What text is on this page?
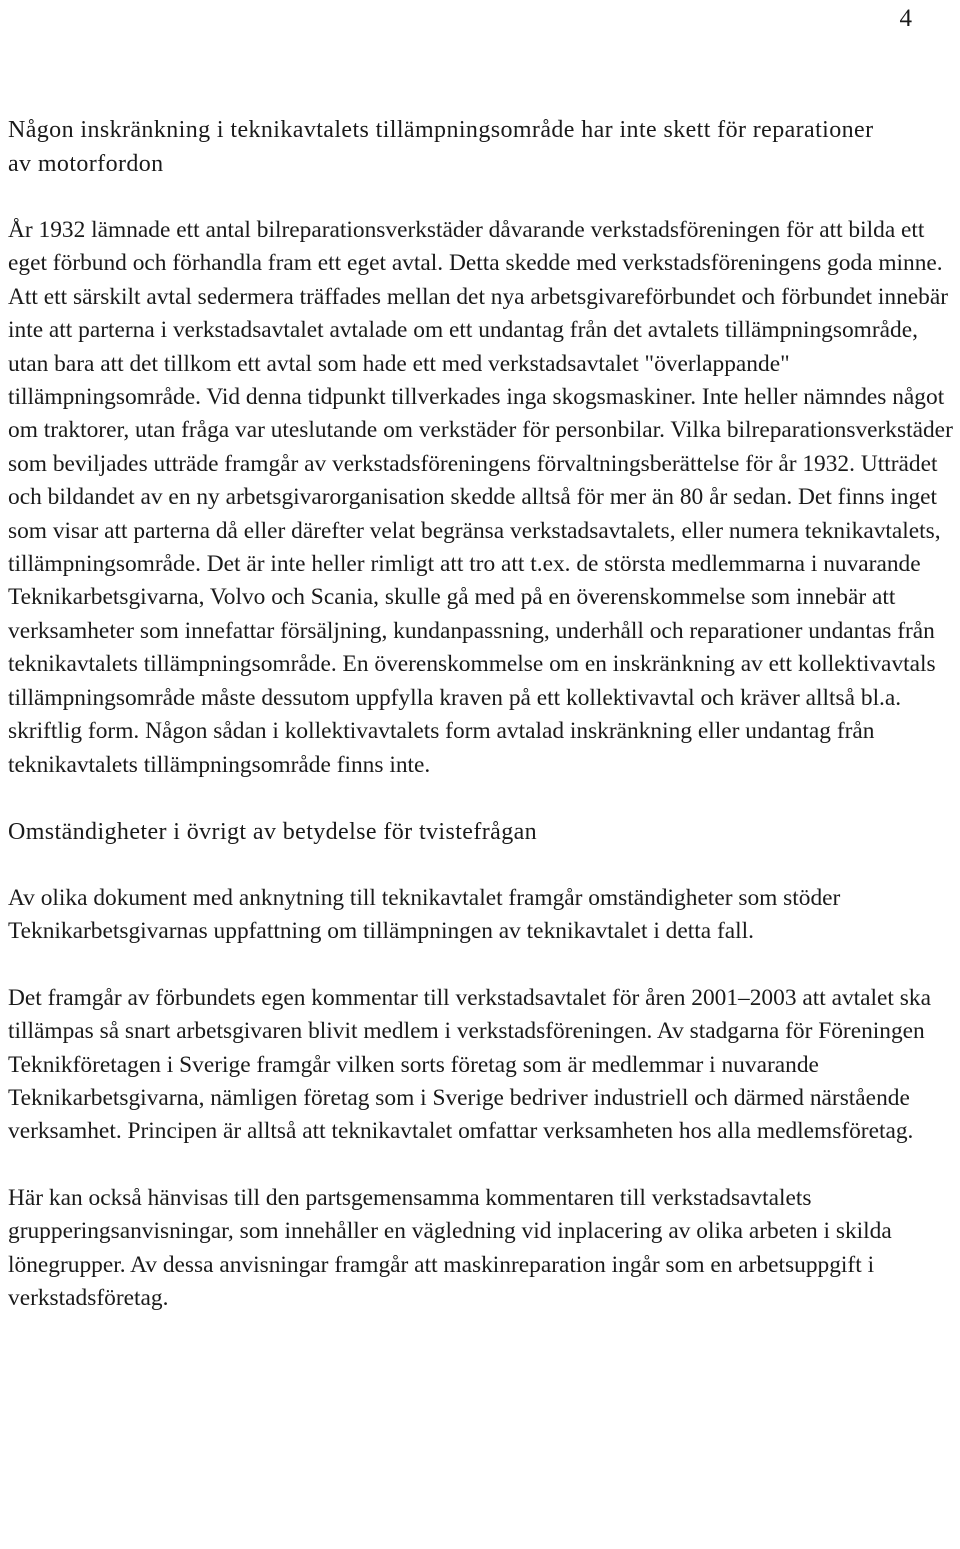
4

Någon inskränkning i teknikavtalets tillämpningsområde har inte skett för reparationer av motorfordon

År 1932 lämnade ett antal bilreparationsverkstäder dåvarande verkstadsföreningen för att bilda ett eget förbund och förhandla fram ett eget avtal. Detta skedde med verkstadsföreningens goda minne. Att ett särskilt avtal sedermera träffades mellan det nya arbetsgivareförbundet och förbundet innebär inte att parterna i verkstadsavtalet avtalade om ett undantag från det avtalets tillämpningsområde, utan bara att det tillkom ett avtal som hade ett med verkstadsavtalet "överlappande" tillämpningsområde. Vid denna tidpunkt tillverkades inga skogsmaskiner. Inte heller nämndes något om traktorer, utan fråga var uteslutande om verkstäder för personbilar. Vilka bilreparationsverkstäder som beviljades utträde framgår av verkstadsföreningens förvaltningsberättelse för år 1932. Utträdet och bildandet av en ny arbetsgivarorganisation skedde alltså för mer än 80 år sedan. Det finns inget som visar att parterna då eller därefter velat begränsa verkstadsavtalets, eller numera teknikavtalets, tillämpningsområde. Det är inte heller rimligt att tro att t.ex. de största medlemmarna i nuvarande Teknikarbetsgivarna, Volvo och Scania, skulle gå med på en överenskommelse som innebär att verksamheter som innefattar försäljning, kundanpassning, underhåll och reparationer undantas från teknikavtalets tillämpningsområde. En överenskommelse om en inskränkning av ett kollektivavtals tillämpningsområde måste dessutom uppfylla kraven på ett kollektivavtal och kräver alltså bl.a. skriftlig form. Någon sådan i kollektivavtalets form avtalad inskränkning eller undantag från teknikavtalets tillämpningsområde finns inte.

Omständigheter i övrigt av betydelse för tvistefrågan

Av olika dokument med anknytning till teknikavtalet framgår omständigheter som stöder Teknikarbetsgivarnas uppfattning om tillämpningen av teknikavtalet i detta fall.

Det framgår av förbundets egen kommentar till verkstadsavtalet för åren 2001–2003 att avtalet ska tillämpas så snart arbetsgivaren blivit medlem i verkstadsföreningen. Av stadgarna för Föreningen Teknikföretagen i Sverige framgår vilken sorts företag som är medlemmar i nuvarande Teknikarbetsgivarna, nämligen företag som i Sverige bedriver industriell och därmed närstående verksamhet. Principen är alltså att teknikavtalet omfattar verksamheten hos alla medlemsföretag.

Här kan också hänvisas till den partsgemensamma kommentaren till verkstadsavtalets grupperingsanvisningar, som innehåller en vägledning vid inplacering av olika arbeten i skilda lönegrupper. Av dessa anvisningar framgår att maskinreparation ingår som en arbetsuppgift i verkstadsföretag.
